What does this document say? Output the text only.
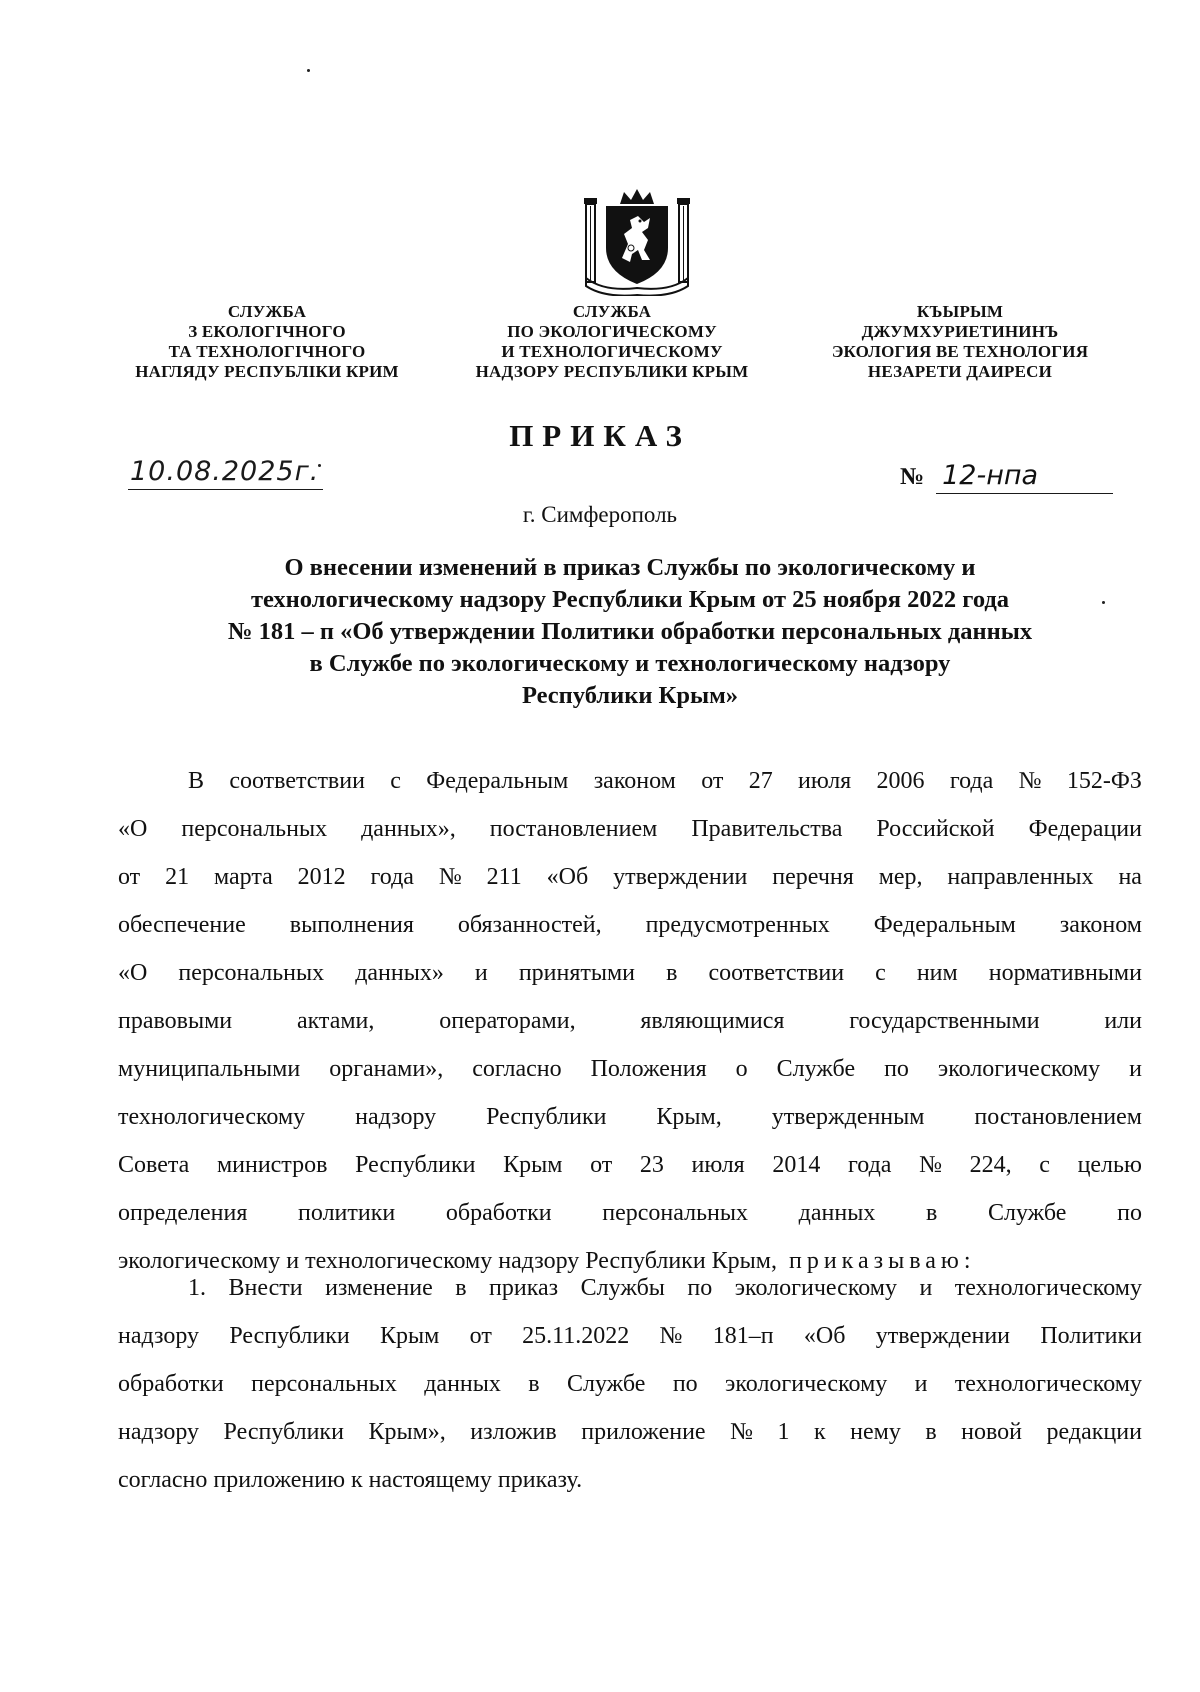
СЛУЖБА
З ЕКОЛОГІЧНОГО
ТА ТЕХНОЛОГІЧНОГО
НАГЛЯДУ РЕСПУБЛІКИ КРИМ
СЛУЖБА
ПО ЭКОЛОГИЧЕСКОМУ
И ТЕХНОЛОГИЧЕСКОМУ
НАДЗОРУ РЕСПУБЛИКИ КРЫМ
КЪЫРЫМ
ДЖУМХУРИЕТИНИНЪ
ЭКОЛОГИЯ ВЕ ТЕХНОЛОГИЯ
НЕЗАРЕТИ ДАИРЕСИ
ПРИКАЗ
10.08.2025г.	№ 12-нпа
г. Симферополь
О внесении изменений в приказ Службы по экологическому и
технологическому надзору Республики Крым от 25 ноября 2022 года
№ 181 – п «Об утверждении Политики обработки персональных данных
в Службе по экологическому и технологическому надзору
Республики Крым»
В соответствии с Федеральным законом от 27 июля 2006 года № 152-ФЗ
«О персональных данных», постановлением Правительства Российской Федерации
от 21 марта 2012 года № 211 «Об утверждении перечня мер, направленных на
обеспечение выполнения обязанностей, предусмотренных Федеральным законом
«О персональных данных» и принятыми в соответствии с ним нормативными
правовыми	актами,	операторами,	являющимися	государственными	или
муниципальными органами», согласно Положения о Службе по экологическому и
технологическому надзору Республики Крым, утвержденным постановлением
Совета министров Республики Крым от 23 июля 2014 года № 224, с целью
определения политики обработки персональных данных в Службе по
экологическому и технологическому надзору Республики Крым,
приказываю:
1. Внести изменение в приказ Службы по экологическому и технологическому
надзору Республики Крым от 25.11.2022 № 181–п «Об утверждении Политики
обработки персональных данных в Службе по экологическому и технологическому
надзору Республики Крым», изложив приложение № 1 к нему в новой редакции
согласно приложению к настоящему приказу.
